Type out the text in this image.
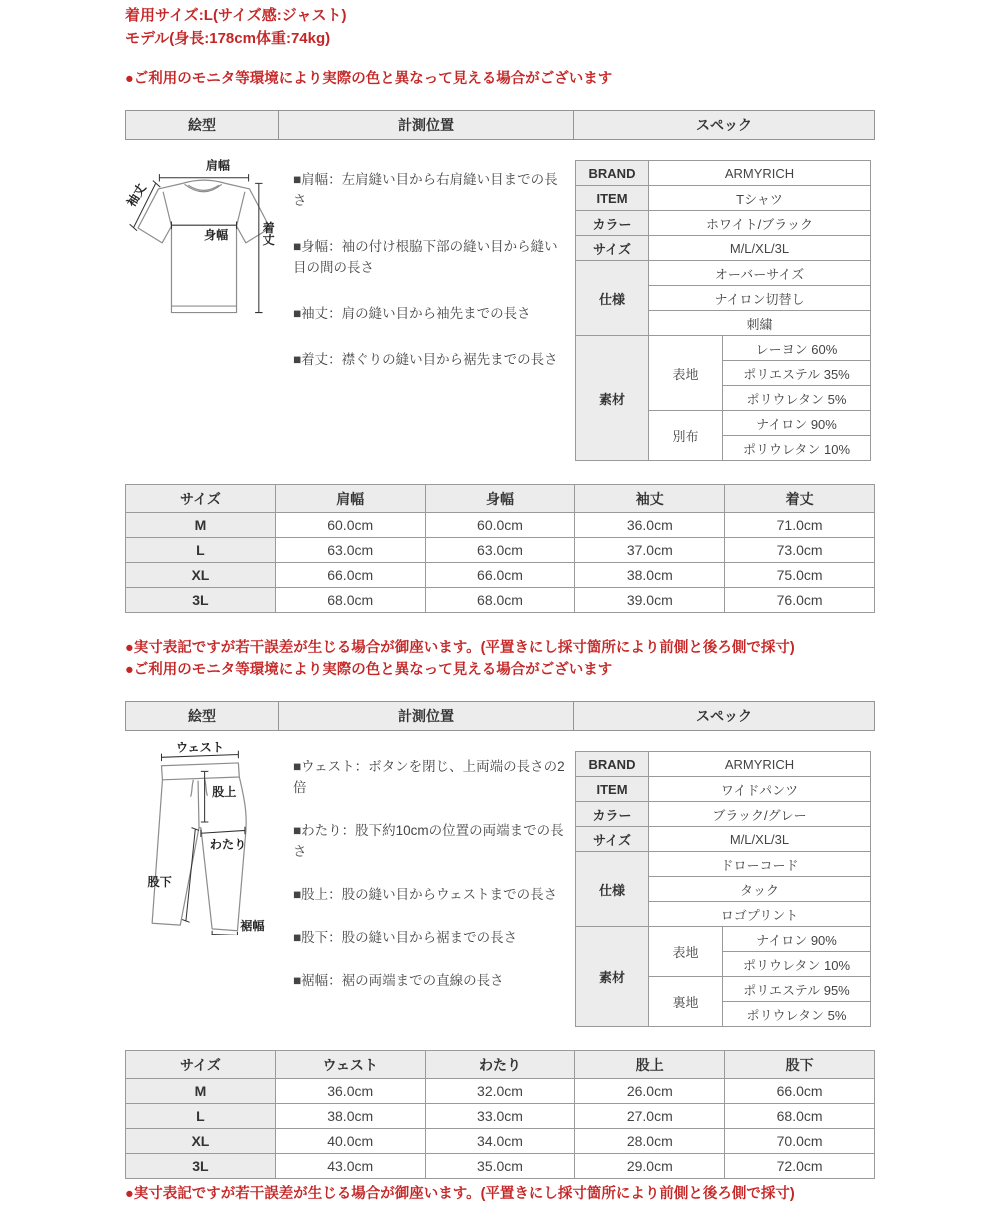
着用サイズ:L(サイズ感:ジャスト)
モデル(身長:178cm体重:74kg)
●ご利用のモニタ等環境により実際の色と異なって見える場合がございます
絵型	計測位置	スペック
肩幅
袖丈
身幅	着丈
■肩幅：左肩縫い目から右肩縫い目までの長さ
■身幅：袖の付け根脇下部の縫い目から縫い目の間の長さ
■袖丈：肩の縫い目から袖先までの長さ
■着丈：襟ぐりの縫い目から裾先までの長さ
BRAND	ARMYRICH	
ITEM	Tシャツ	
カラー	ホワイト/ブラック	
サイズ	M/L/XL/3L	
仕様	オーバーサイズ	
	ナイロン切替し	
	刺繍	
素材	表地	レーヨン 60%
		ポリエステル 35%
		ポリウレタン 5%
	別布	ナイロン 90%
		ポリウレタン 10%
サイズ	肩幅	身幅	袖丈	着丈
M	60.0cm	60.0cm	36.0cm	71.0cm
L	63.0cm	63.0cm	37.0cm	73.0cm
XL	66.0cm	66.0cm	38.0cm	75.0cm
3L	68.0cm	68.0cm	39.0cm	76.0cm
●実寸表記ですが若干誤差が生じる場合が御座います。(平置きにし採寸箇所により前側と後ろ側で採寸)
●ご利用のモニタ等環境により実際の色と異なって見える場合がございます
絵型	計測位置	スペック
ウェスト
股上
わたり
股下
裾幅
■ウェスト：ボタンを閉じ、上両端の長さの2倍
■わたり：股下約10cmの位置の両端までの長さ
■股上：股の縫い目からウェストまでの長さ
■股下：股の縫い目から裾までの長さ
■裾幅：裾の両端までの直線の長さ
BRAND	ARMYRICH	
ITEM	ワイドパンツ	
カラー	ブラック/グレー	
サイズ	M/L/XL/3L	
仕様	ドローコード	
	タック	
	ロゴプリント	
素材	表地	ナイロン 90%
		ポリウレタン 10%
	裏地	ポリエステル 95%
		ポリウレタン 5%
サイズ	ウェスト	わたり	股上	股下
M	36.0cm	32.0cm	26.0cm	66.0cm
L	38.0cm	33.0cm	27.0cm	68.0cm
XL	40.0cm	34.0cm	28.0cm	70.0cm
3L	43.0cm	35.0cm	29.0cm	72.0cm
●実寸表記ですが若干誤差が生じる場合が御座います。(平置きにし採寸箇所により前側と後ろ側で採寸)
